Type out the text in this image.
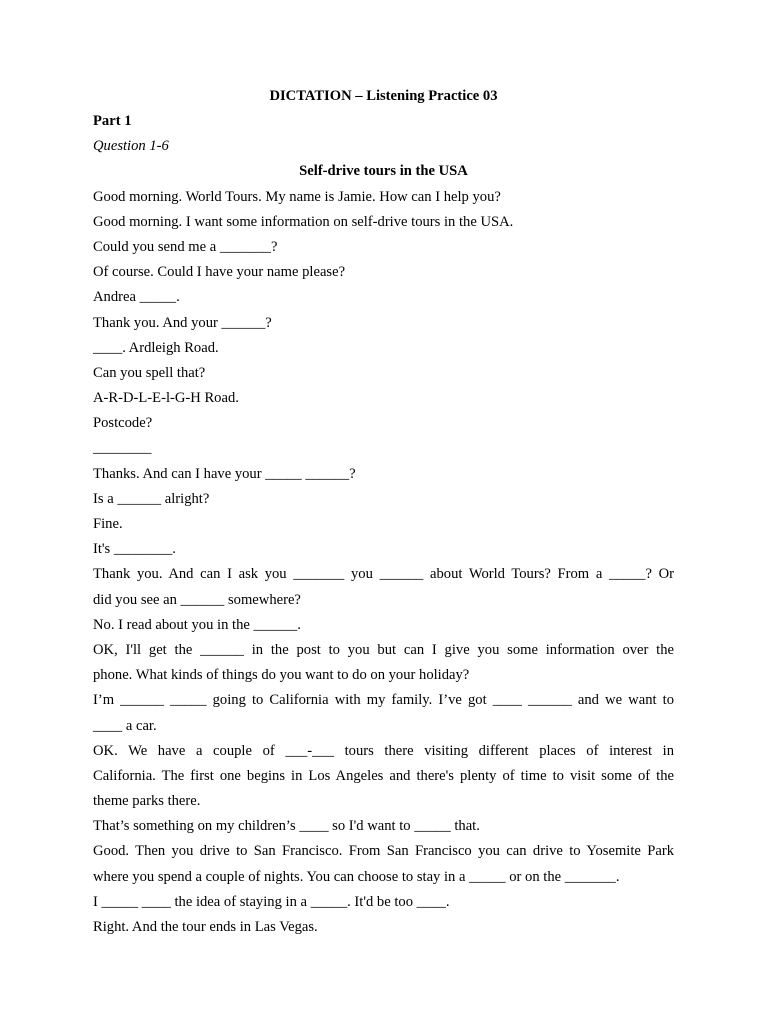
DICTATION – Listening Practice 03
Part 1
Question 1-6
Self-drive tours in the USA
Good morning. World Tours. My name is Jamie. How can I help you?
Good morning. I want some information on self-drive tours in the USA.
Could you send me a _______?
Of course. Could I have your name please?
Andrea _____.
Thank you. And your ______?
____. Ardleigh Road.
Can you spell that?
A-R-D-L-E-l-G-H Road.
Postcode?
________
Thanks. And can I have your _____ ______?
Is a ______ alright?
Fine.
It's ________.
Thank you. And can I ask you _______ you ______ about World Tours? From a _____? Or
did you see an ______ somewhere?
No. I read about you in the ______.
OK, I'll get the ______ in the post to you but can I give you some information over the
phone. What kinds of things do you want to do on your holiday?
I’m ______ _____ going to California with my family. I’ve got ____ ______ and we want to
____ a car.
OK. We have a couple of ___-___ tours there visiting different places of interest in
California. The first one begins in Los Angeles and there's plenty of time to visit some of the
theme parks there.
That’s something on my children’s ____ so I'd want to _____ that.
Good. Then you drive to San Francisco. From San Francisco you can drive to Yosemite Park
where you spend a couple of nights. You can choose to stay in a _____ or on the _______.
I _____ ____ the idea of staying in a _____. It'd be too ____.
Right. And the tour ends in Las Vegas.
